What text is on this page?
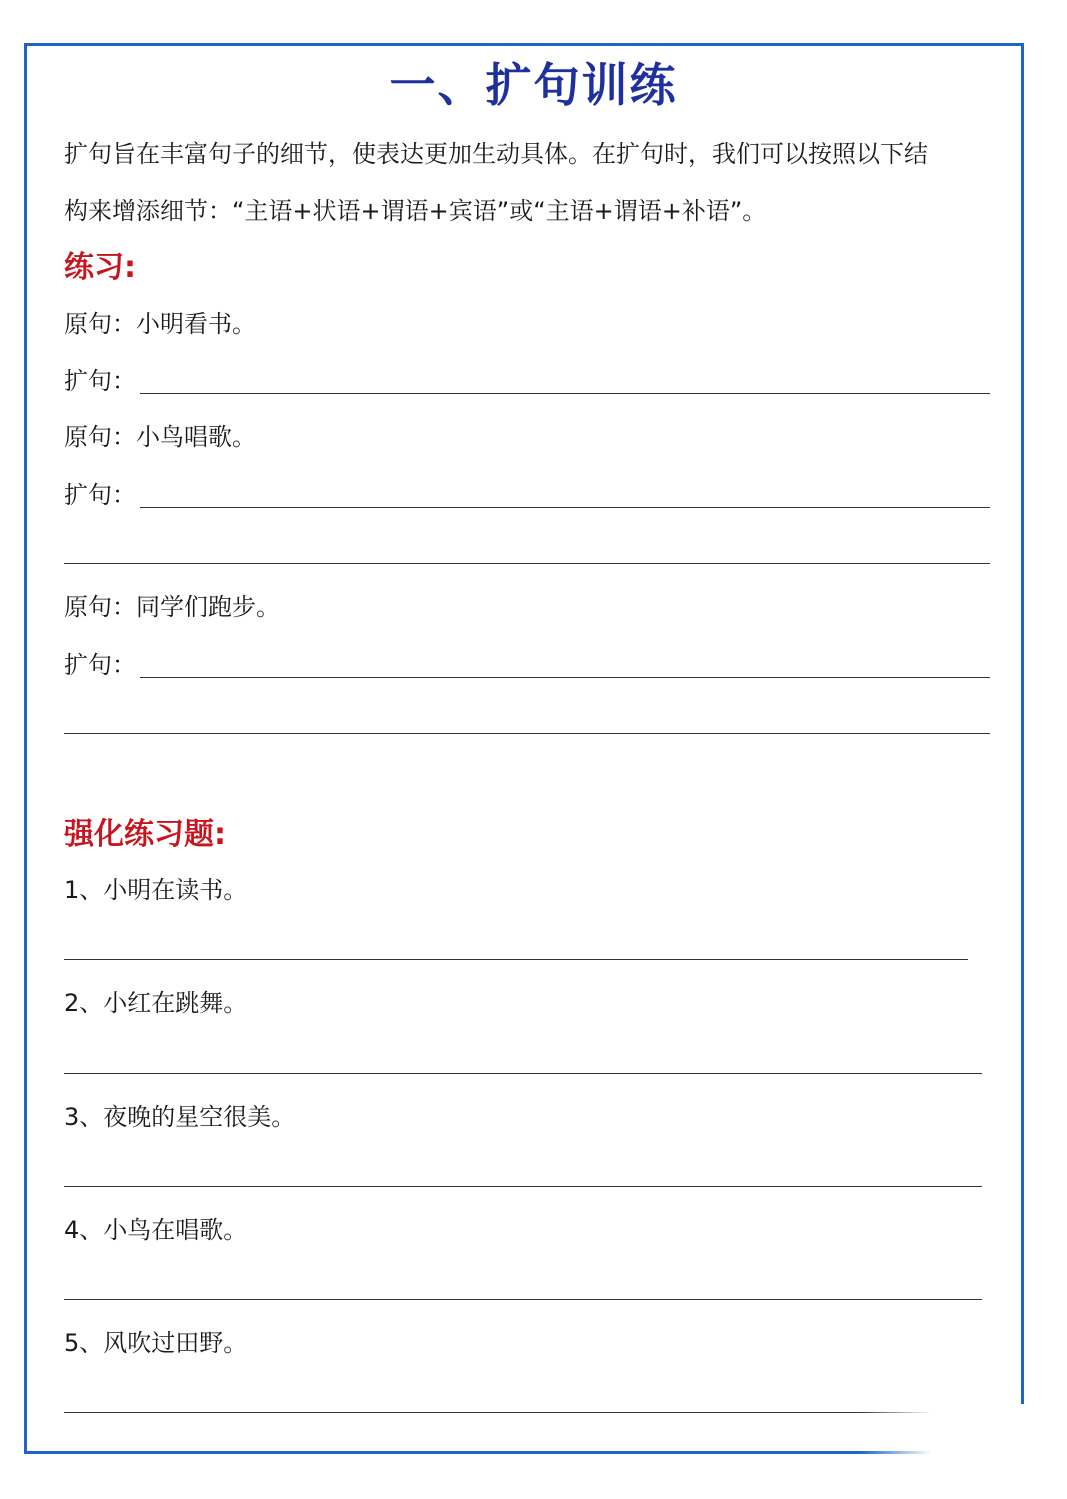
一、扩句训练
扩句旨在丰富句子的细节，使表达更加生动具体。在扩句时，我们可以按照以下结
构来增添细节：“主语+状语+谓语+宾语”或“主语+谓语+补语”。
练习:
原句：小明看书。
扩句：
原句：小鸟唱歌。
扩句：
原句：同学们跑步。
扩句：
强化练习题:
1、小明在读书。
2、小红在跳舞。
3、夜晚的星空很美。
4、小鸟在唱歌。
5、风吹过田野。
